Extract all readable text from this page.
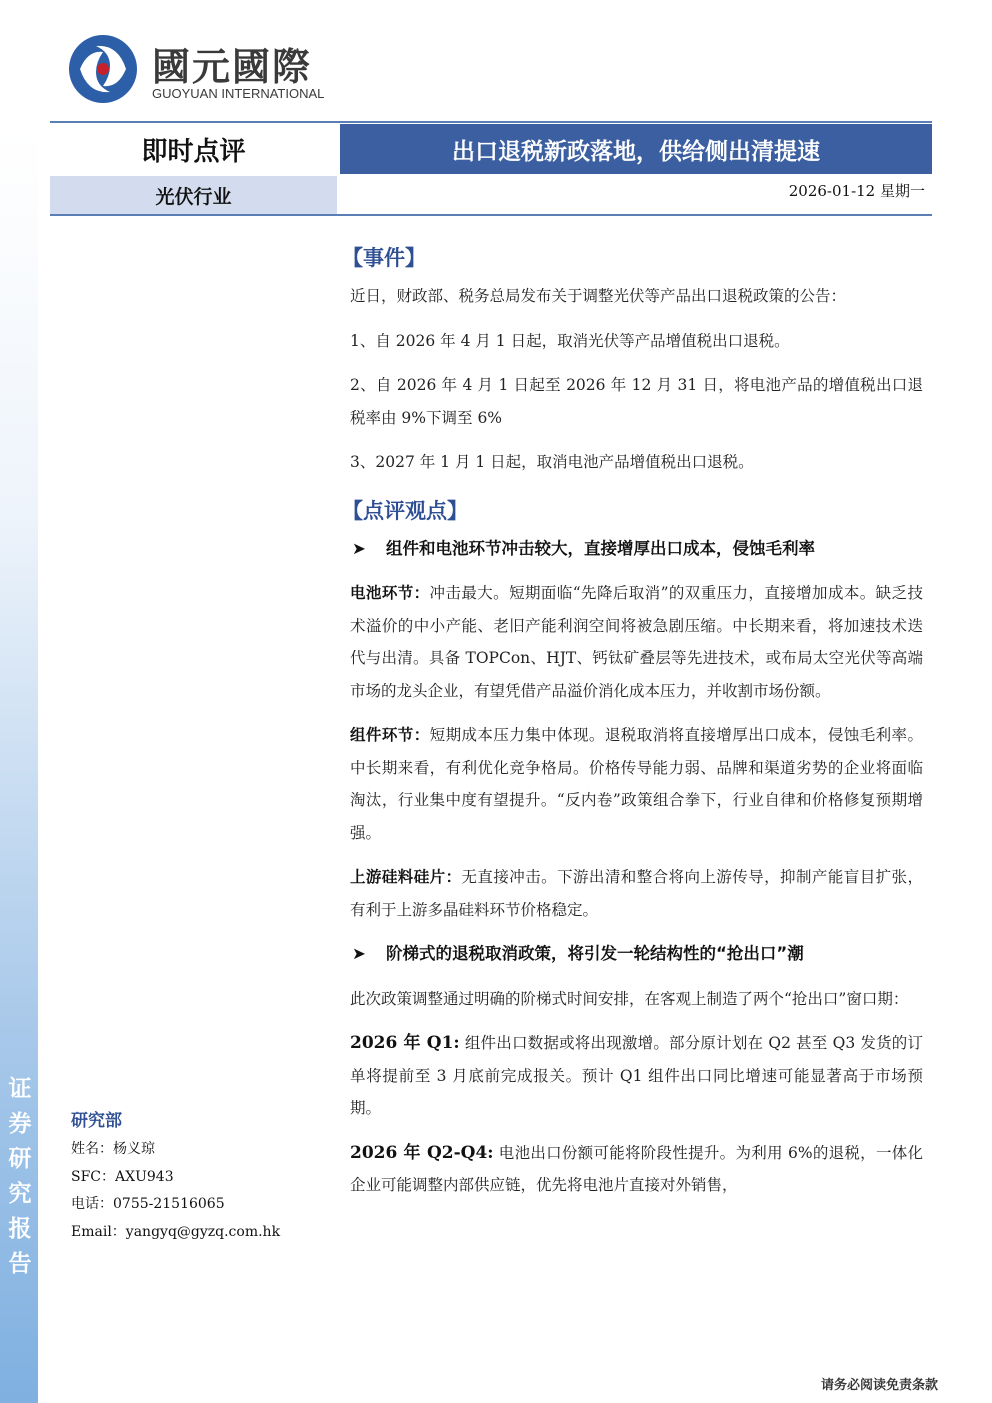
证券研究报告
國元國際
GUOYUAN INTERNATIONAL
即时点评	出口退税新政落地，供给侧出清提速
光伏行业	2026-01-12 星期一
【事件】

近日，财政部、税务总局发布关于调整光伏等产品出口退税政策的公告：

1、自 2026 年 4 月 1 日起，取消光伏等产品增值税出口退税。

2、自 2026 年 4 月 1 日起至 2026 年 12 月 31 日，将电池产品的增值税出口退税率由 9%下调至 6%

3、2027 年 1 月 1 日起，取消电池产品增值税出口退税。

【点评观点】
➤	组件和电池环节冲击较大，直接增厚出口成本，侵蚀毛利率

电池环节：冲击最大。短期面临“先降后取消”的双重压力，直接增加成本。缺乏技术溢价的中小产能、老旧产能利润空间将被急剧压缩。中长期来看，将加速技术迭代与出清。具备 TOPCon、HJT、钙钛矿叠层等先进技术，或布局太空光伏等高端市场的龙头企业，有望凭借产品溢价消化成本压力，并收割市场份额。

组件环节：短期成本压力集中体现。退税取消将直接增厚出口成本，侵蚀毛利率。中长期来看，有利优化竞争格局。价格传导能力弱、品牌和渠道劣势的企业将面临淘汰，行业集中度有望提升。“反内卷”政策组合拳下，行业自律和价格修复预期增强。

上游硅料硅片：无直接冲击。下游出清和整合将向上游传导，抑制产能盲目扩张，有利于上游多晶硅料环节价格稳定。

➤	阶梯式的退税取消政策，将引发一轮结构性的“抢出口”潮

此次政策调整通过明确的阶梯式时间安排，在客观上制造了两个“抢出口”窗口期：

2026 年 Q1: 组件出口数据或将出现激增。部分原计划在 Q2 甚至 Q3 发货的订单将提前至 3 月底前完成报关。预计 Q1 组件出口同比增速可能显著高于市场预期。

2026 年 Q2-Q4: 电池出口份额可能将阶段性提升。为利用 6%的退税，一体化企业可能调整内部供应链，优先将电池片直接对外销售，

研究部
姓名：杨义琼
SFC：AXU943
电话：0755-21516065
Email：yangyq@gyzq.com.hk
请务必阅读免责条款
